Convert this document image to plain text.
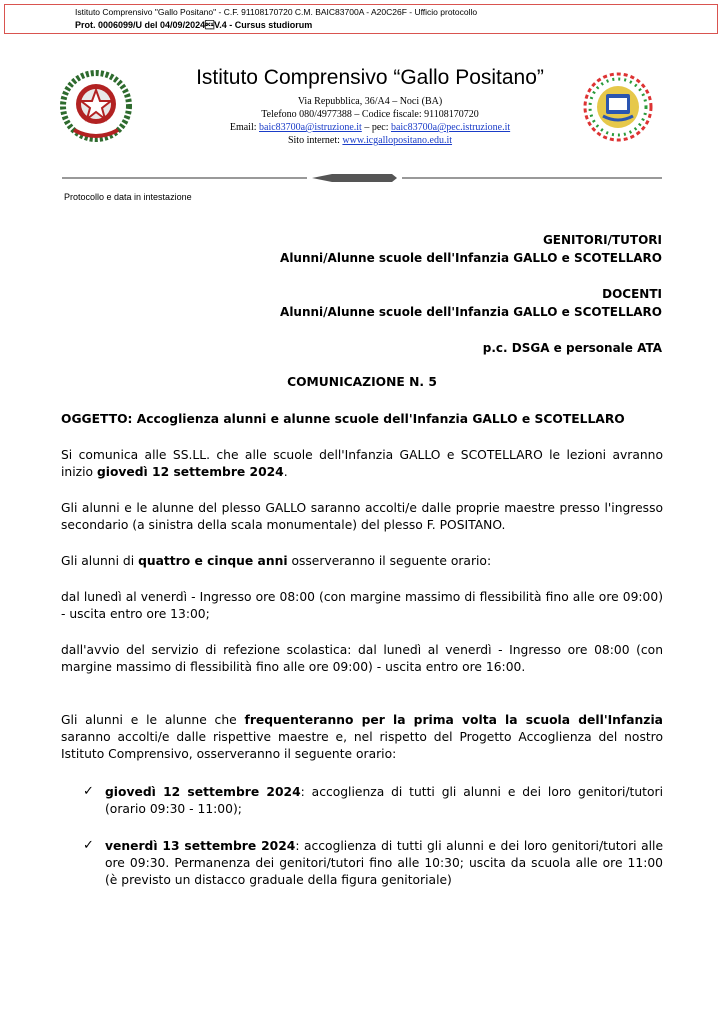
Istituto Comprensivo "Gallo Positano" - C.F. 91108170720 C.M. BAIC83700A - A20C26F - Ufficio protocollo
Prot. 0006099/U del 04/09/2024V.4 - Cursus studiorum
Istituto Comprensivo “Gallo Positano”
Via Repubblica, 36/A4 – Noci (BA)
Telefono 080/4977388 – Codice fiscale: 91108170720
Email: baic83700a@istruzione.it – pec: baic83700a@pec.istruzione.it
Sito internet: www.icgallopositano.edu.it
Protocollo e data in intestazione
GENITORI/TUTORI
Alunni/Alunne scuole dell'Infanzia GALLO e SCOTELLARO
DOCENTI
Alunni/Alunne scuole dell'Infanzia GALLO e SCOTELLARO
p.c. DSGA e personale ATA
COMUNICAZIONE N. 5
OGGETTO: Accoglienza alunni e alunne scuole dell'Infanzia GALLO e SCOTELLARO
Si comunica alle SS.LL. che alle scuole dell'Infanzia GALLO e SCOTELLARO le lezioni avranno inizio giovedì 12 settembre 2024.
Gli alunni e le alunne del plesso GALLO saranno accolti/e dalle proprie maestre presso l'ingresso secondario (a sinistra della scala monumentale) del plesso F. POSITANO.
Gli alunni di quattro e cinque anni osserveranno il seguente orario:
dal lunedì al venerdì - Ingresso ore 08:00 (con margine massimo di flessibilità fino alle ore 09:00) - uscita entro ore 13:00;
dall'avvio del servizio di refezione scolastica: dal lunedì al venerdì - Ingresso ore 08:00 (con margine massimo di flessibilità fino alle ore 09:00) - uscita entro ore 16:00.
Gli alunni e le alunne che frequenteranno per la prima volta la scuola dell'Infanzia saranno accolti/e dalle rispettive maestre e, nel rispetto del Progetto Accoglienza del nostro Istituto Comprensivo, osserveranno il seguente orario:
✓ giovedì 12 settembre 2024: accoglienza di tutti gli alunni e dei loro genitori/tutori (orario 09:30 - 11:00);
✓ venerdì 13 settembre 2024: accoglienza di tutti gli alunni e dei loro genitori/tutori alle ore 09:30. Permanenza dei genitori/tutori fino alle 10:30; uscita da scuola alle ore 11:00 (è previsto un distacco graduale della figura genitoriale)
